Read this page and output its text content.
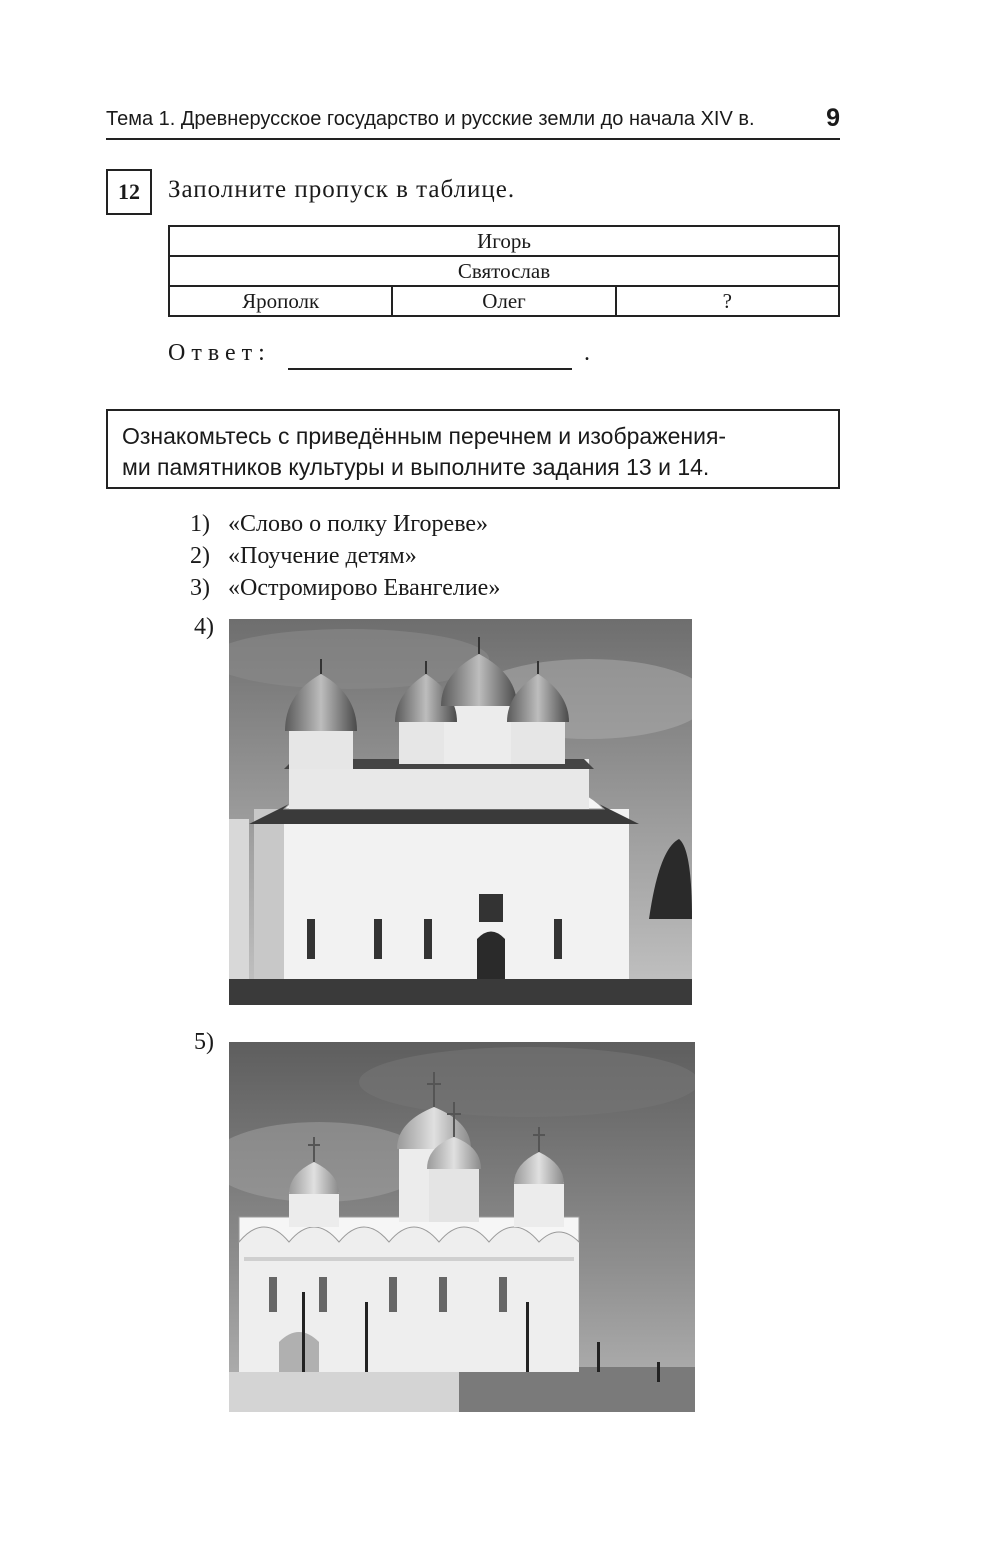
Тема 1. Древнерусское государство и русские земли до начала XIV в.	9
12	Заполните пропуск в таблице.
Игорь
Святослав
Ярополк	Олег	?
Ответ:	.
Ознакомьтесь с приведённым перечнем и изображения-
ми памятников культуры и выполните задания 13 и 14.
1) «Слово о полку Игореве»
2) «Поучение детям»
3) «Остромирово Евангелие»
4)
5)
